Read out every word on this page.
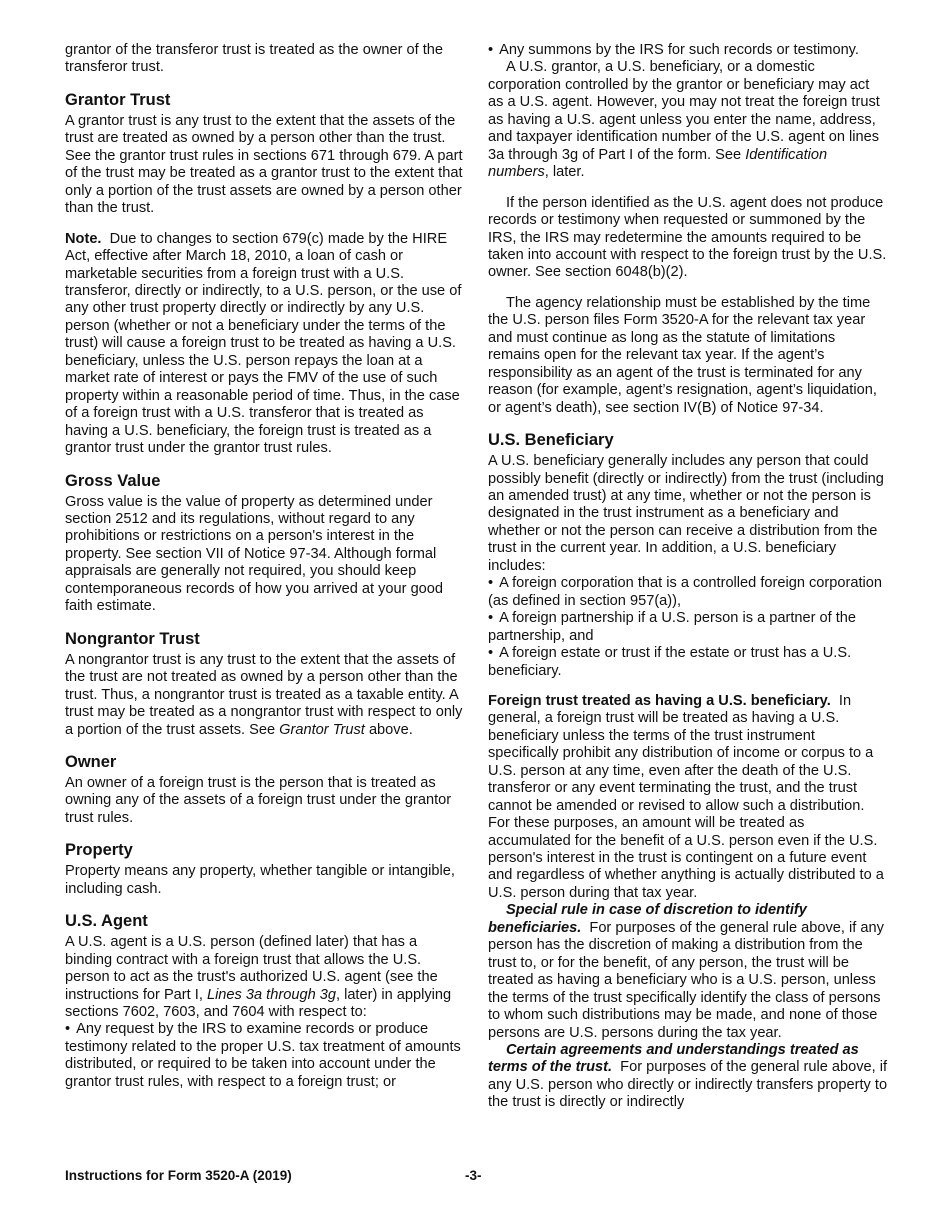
grantor of the transferor trust is treated as the owner of the transferor trust.

Grantor Trust

A grantor trust is any trust to the extent that the assets of the trust are treated as owned by a person other than the trust. See the grantor trust rules in sections 671 through 679. A part of the trust may be treated as a grantor trust to the extent that only a portion of the trust assets are owned by a person other than the trust.

Note. Due to changes to section 679(c) made by the HIRE Act, effective after March 18, 2010, a loan of cash or marketable securities from a foreign trust with a U.S. transferor, directly or indirectly, to a U.S. person, or the use of any other trust property directly or indirectly by any U.S. person (whether or not a beneficiary under the terms of the trust) will cause a foreign trust to be treated as having a U.S. beneficiary, unless the U.S. person repays the loan at a market rate of interest or pays the FMV of the use of such property within a reasonable period of time. Thus, in the case of a foreign trust with a U.S. transferor that is treated as having a U.S. beneficiary, the foreign trust is treated as a grantor trust under the grantor trust rules.

Gross Value

Gross value is the value of property as determined under section 2512 and its regulations, without regard to any prohibitions or restrictions on a person's interest in the property. See section VII of Notice 97-34. Although formal appraisals are generally not required, you should keep contemporaneous records of how you arrived at your good faith estimate.

Nongrantor Trust

A nongrantor trust is any trust to the extent that the assets of the trust are not treated as owned by a person other than the trust. Thus, a nongrantor trust is treated as a taxable entity. A trust may be treated as a nongrantor trust with respect to only a portion of the trust assets. See Grantor Trust above.

Owner

An owner of a foreign trust is the person that is treated as owning any of the assets of a foreign trust under the grantor trust rules.

Property

Property means any property, whether tangible or intangible, including cash.

U.S. Agent

A U.S. agent is a U.S. person (defined later) that has a binding contract with a foreign trust that allows the U.S. person to act as the trust's authorized U.S. agent (see the instructions for Part I, Lines 3a through 3g, later) in applying sections 7602, 7603, and 7604 with respect to:

• Any request by the IRS to examine records or produce testimony related to the proper U.S. tax treatment of amounts distributed, or required to be taken into account under the grantor trust rules, with respect to a foreign trust; or

• Any summons by the IRS for such records or testimony.

A U.S. grantor, a U.S. beneficiary, or a domestic corporation controlled by the grantor or beneficiary may act as a U.S. agent. However, you may not treat the foreign trust as having a U.S. agent unless you enter the name, address, and taxpayer identification number of the U.S. agent on lines 3a through 3g of Part I of the form. See Identification numbers, later.

If the person identified as the U.S. agent does not produce records or testimony when requested or summoned by the IRS, the IRS may redetermine the amounts required to be taken into account with respect to the foreign trust by the U.S. owner. See section 6048(b)(2).

The agency relationship must be established by the time the U.S. person files Form 3520-A for the relevant tax year and must continue as long as the statute of limitations remains open for the relevant tax year. If the agent’s responsibility as an agent of the trust is terminated for any reason (for example, agent’s resignation, agent’s liquidation, or agent’s death), see section IV(B) of Notice 97-34.

U.S. Beneficiary

A U.S. beneficiary generally includes any person that could possibly benefit (directly or indirectly) from the trust (including an amended trust) at any time, whether or not the person is designated in the trust instrument as a beneficiary and whether or not the person can receive a distribution from the trust in the current year. In addition, a U.S. beneficiary includes:

• A foreign corporation that is a controlled foreign corporation (as defined in section 957(a)),

• A foreign partnership if a U.S. person is a partner of the partnership, and

• A foreign estate or trust if the estate or trust has a U.S. beneficiary.

Foreign trust treated as having a U.S. beneficiary. In general, a foreign trust will be treated as having a U.S. beneficiary unless the terms of the trust instrument specifically prohibit any distribution of income or corpus to a U.S. person at any time, even after the death of the U.S. transferor or any event terminating the trust, and the trust cannot be amended or revised to allow such a distribution. For these purposes, an amount will be treated as accumulated for the benefit of a U.S. person even if the U.S. person's interest in the trust is contingent on a future event and regardless of whether anything is actually distributed to a U.S. person during that tax year.

Special rule in case of discretion to identify beneficiaries. For purposes of the general rule above, if any person has the discretion of making a distribution from the trust to, or for the benefit, of any person, the trust will be treated as having a beneficiary who is a U.S. person, unless the terms of the trust specifically identify the class of persons to whom such distributions may be made, and none of those persons are U.S. persons during the tax year.

Certain agreements and understandings treated as terms of the trust. For purposes of the general rule above, if any U.S. person who directly or indirectly transfers property to the trust is directly or indirectly

Instructions for Form 3520-A (2019)	-3-
